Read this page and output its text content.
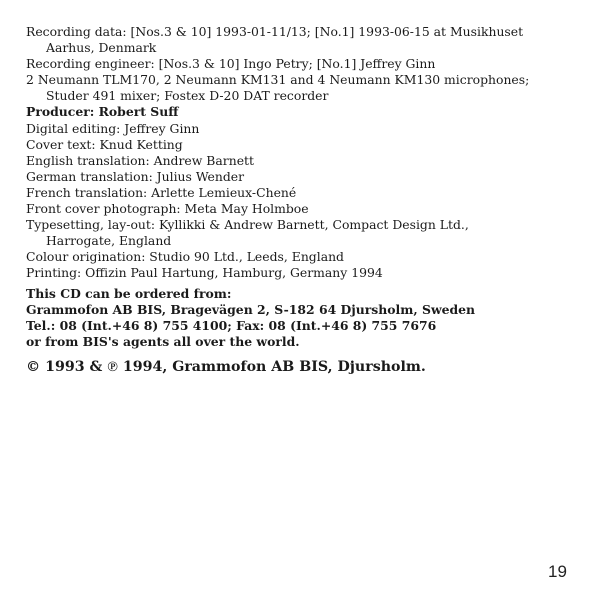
Recording data: [Nos.3 & 10] 1993-01-11/13; [No.1] 1993-06-15 at Musikhuset

Aarhus, Denmark

Recording engineer: [Nos.3 & 10] Ingo Petry; [No.1] Jeffrey Ginn

2 Neumann TLM170, 2 Neumann KM131 and 4 Neumann KM130 microphones;

Studer 491 mixer; Fostex D-20 DAT recorder

Producer: Robert Suff

Digital editing: Jeffrey Ginn

Cover text: Knud Ketting

English translation: Andrew Barnett

German translation: Julius Wender

French translation: Arlette Lemieux-Chené

Front cover photograph: Meta May Holmboe

Typesetting, lay-out: Kyllikki & Andrew Barnett, Compact Design Ltd.,

Harrogate, England

Colour origination: Studio 90 Ltd., Leeds, England

Printing: Offizin Paul Hartung, Hamburg, Germany 1994

This CD can be ordered from:

Grammofon AB BIS, Bragevägen 2, S-182 64 Djursholm, Sweden

Tel.: 08 (Int.+46 8) 755 4100; Fax: 08 (Int.+46 8) 755 7676

or from BIS's agents all over the world.

© 1993 & ℗ 1994, Grammofon AB BIS, Djursholm.
19
